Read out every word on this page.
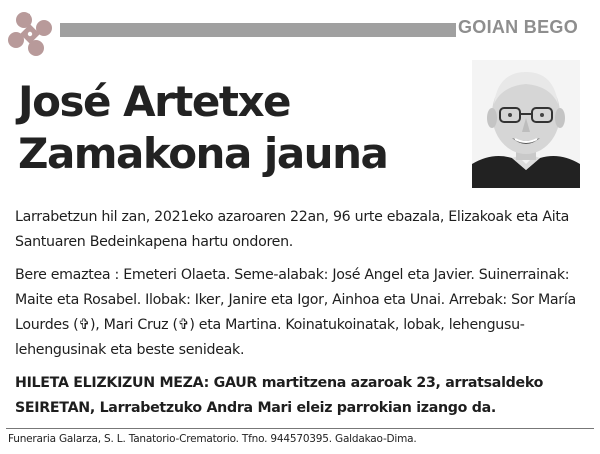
GOIAN BEGO
José Artetxe
Zamakona jauna

Larrabetzun hil zan, 2021eko azaroaren 22an, 96 urte ebazala, Elizakoak eta Aita Santuaren Bedeinkapena hartu ondoren.

Bere emaztea : Emeteri Olaeta. Seme-alabak: José Angel eta Javier. Suinerrainak: Maite eta Rosabel. Ilobak: Iker, Janire eta Igor, Ainhoa eta Unai. Arrebak: Sor María Lourdes (✞), Mari Cruz (✞) eta Martina. Koinatukoinatak, lobak, lehengusu-lehengusinak eta beste senideak.

HILETA ELIZKIZUN MEZA: GAUR martitzena azaroak 23, arratsaldeko SEIRETAN, Larrabetzuko Andra Mari eleiz parrokian izango da.

Funeraria Galarza, S. L. Tanatorio-Crematorio. Tfno. 944570395. Galdakao-Dima.
